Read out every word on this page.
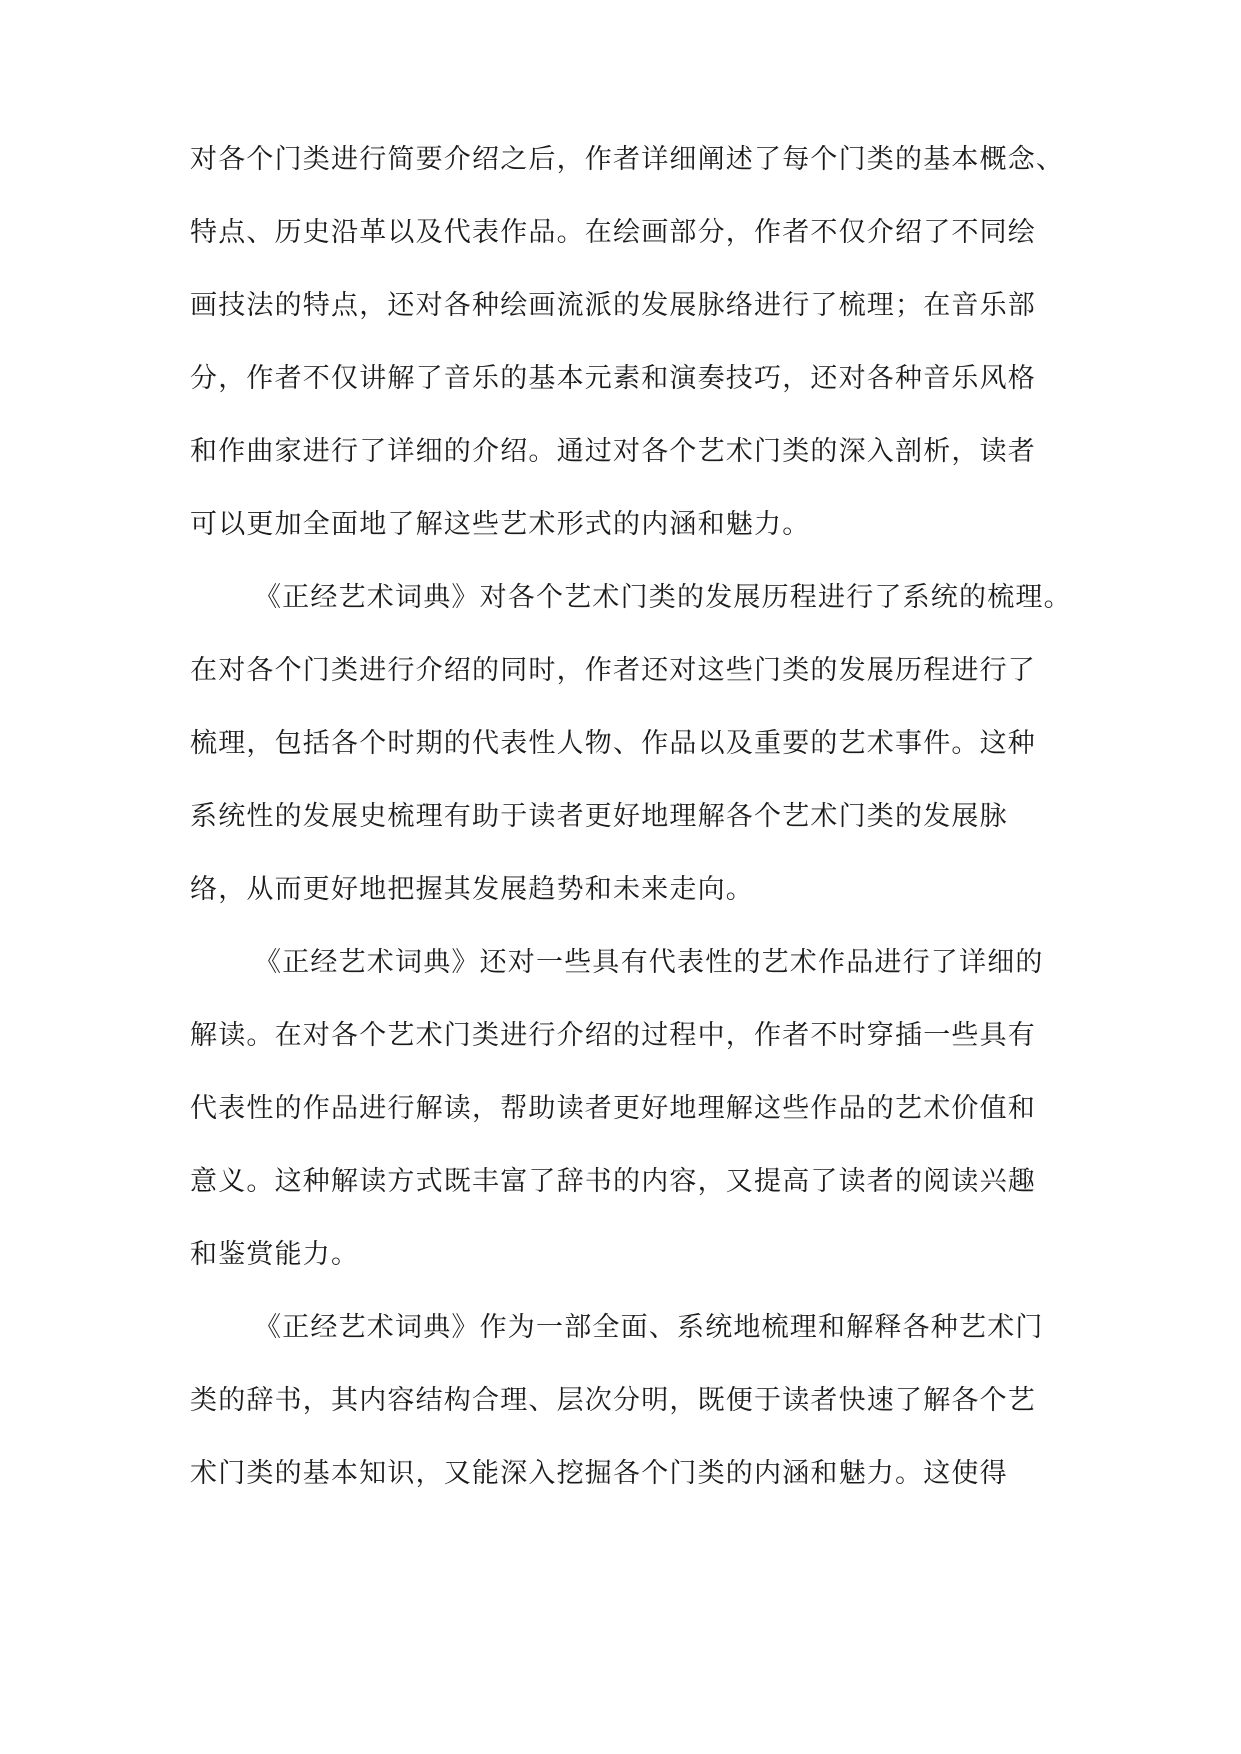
对各个门类进行简要介绍之后，作者详细阐述了每个门类的基本概念、
特点、历史沿革以及代表作品。在绘画部分，作者不仅介绍了不同绘
画技法的特点，还对各种绘画流派的发展脉络进行了梳理；在音乐部
分，作者不仅讲解了音乐的基本元素和演奏技巧，还对各种音乐风格
和作曲家进行了详细的介绍。通过对各个艺术门类的深入剖析，读者
可以更加全面地了解这些艺术形式的内涵和魅力。
《正经艺术词典》对各个艺术门类的发展历程进行了系统的梳理。
在对各个门类进行介绍的同时，作者还对这些门类的发展历程进行了
梳理，包括各个时期的代表性人物、作品以及重要的艺术事件。这种
系统性的发展史梳理有助于读者更好地理解各个艺术门类的发展脉
络，从而更好地把握其发展趋势和未来走向。
《正经艺术词典》还对一些具有代表性的艺术作品进行了详细的
解读。在对各个艺术门类进行介绍的过程中，作者不时穿插一些具有
代表性的作品进行解读，帮助读者更好地理解这些作品的艺术价值和
意义。这种解读方式既丰富了辞书的内容，又提高了读者的阅读兴趣
和鉴赏能力。
《正经艺术词典》作为一部全面、系统地梳理和解释各种艺术门
类的辞书，其内容结构合理、层次分明，既便于读者快速了解各个艺
术门类的基本知识，又能深入挖掘各个门类的内涵和魅力。这使得
